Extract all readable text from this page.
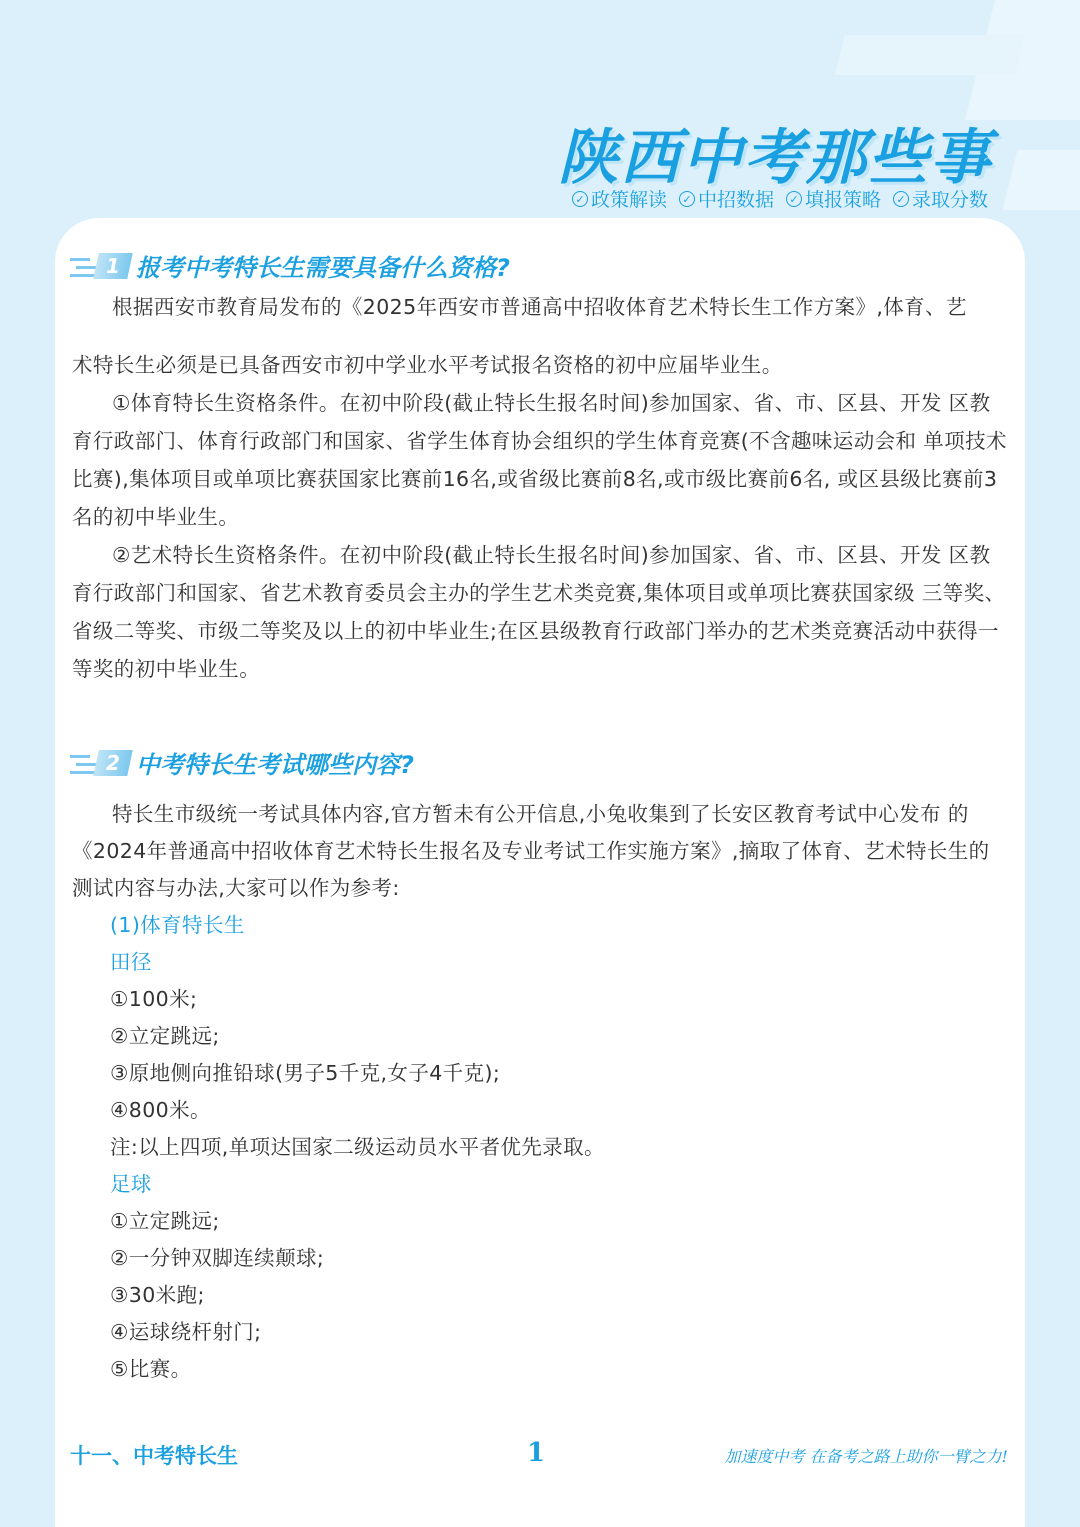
陕西中考那些事
✓ 政策解读	✓ 中招数据	✓ 填报策略	✓ 录取分数
1 报考中考特长生需要具备什么资格?

根据西安市教育局发布的《2025年西安市普通高中招收体育艺术特长生工作方案》,体育、艺

术特长生必须是已具备西安市初中学业水平考试报名资格的初中应届毕业生。

①体育特长生资格条件。在初中阶段(截止特长生报名时间)参加国家、省、市、区县、开发 区教育行政部门、体育行政部门和国家、省学生体育协会组织的学生体育竞赛(不含趣味运动会和 单项技术比赛),集体项目或单项比赛获国家比赛前16名,或省级比赛前8名,或市级比赛前6名, 或区县级比赛前3名的初中毕业生。

②艺术特长生资格条件。在初中阶段(截止特长生报名时间)参加国家、省、市、区县、开发 区教育行政部门和国家、省艺术教育委员会主办的学生艺术类竞赛,集体项目或单项比赛获国家级 三等奖、省级二等奖、市级二等奖及以上的初中毕业生;在区县级教育行政部门举办的艺术类竞赛活动中获得一等奖的初中毕业生。

2 中考特长生考试哪些内容?

特长生市级统一考试具体内容,官方暂未有公开信息,小兔收集到了长安区教育考试中心发布 的《2024年普通高中招收体育艺术特长生报名及专业考试工作实施方案》,摘取了体育、艺术特长生的测试内容与办法,大家可以作为参考:

(1)体育特长生

田径

①100米;

②立定跳远;

③原地侧向推铅球(男子5千克,女子4千克);

④800米。

注:以上四项,单项达国家二级运动员水平者优先录取。

足球

①立定跳远;

②一分钟双脚连续颠球;

③30米跑;

④运球绕杆射门;

⑤比赛。

十一、中考特长生	1	加速度中考 在备考之路上助你一臂之力!
